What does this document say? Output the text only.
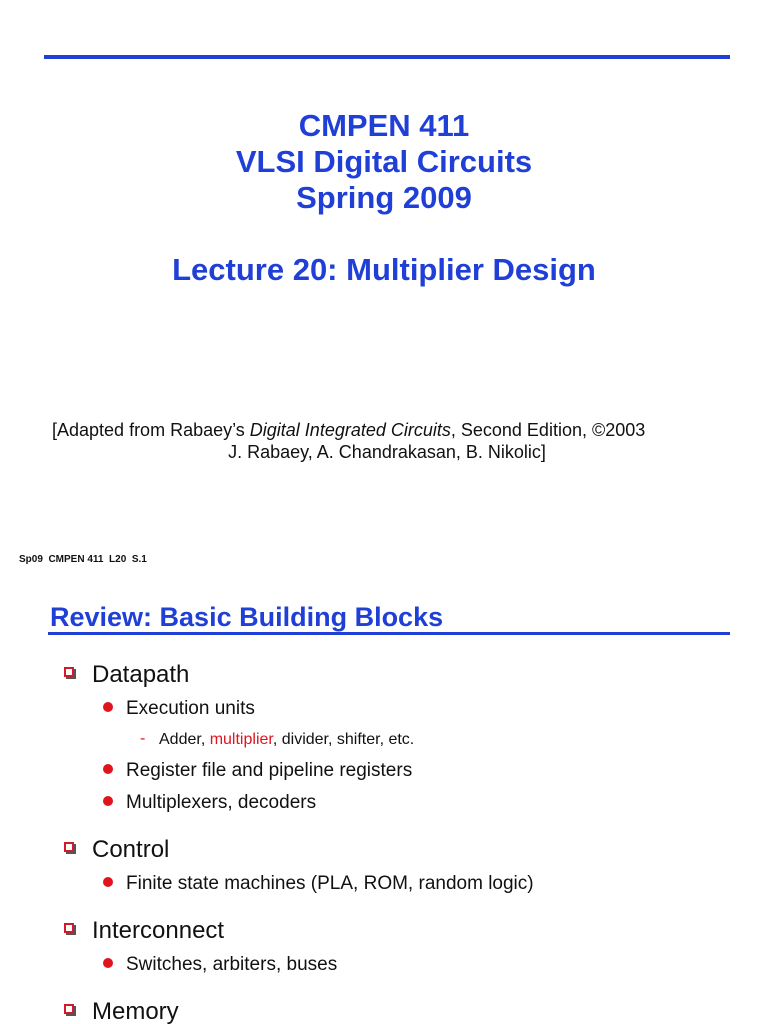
CMPEN 411
VLSI Digital Circuits
Spring 2009
Lecture 20: Multiplier Design
[Adapted from Rabaey’s Digital Integrated Circuits, Second Edition, ©2003
J. Rabaey, A. Chandrakasan, B. Nikolic]
Sp09  CMPEN 411  L20  S.1
Review: Basic Building Blocks
Datapath
Execution units
- Adder, multiplier, divider, shifter, etc.
Register file and pipeline registers
Multiplexers, decoders
Control
Finite state machines (PLA, ROM, random logic)
Interconnect
Switches, arbiters, buses
Memory
